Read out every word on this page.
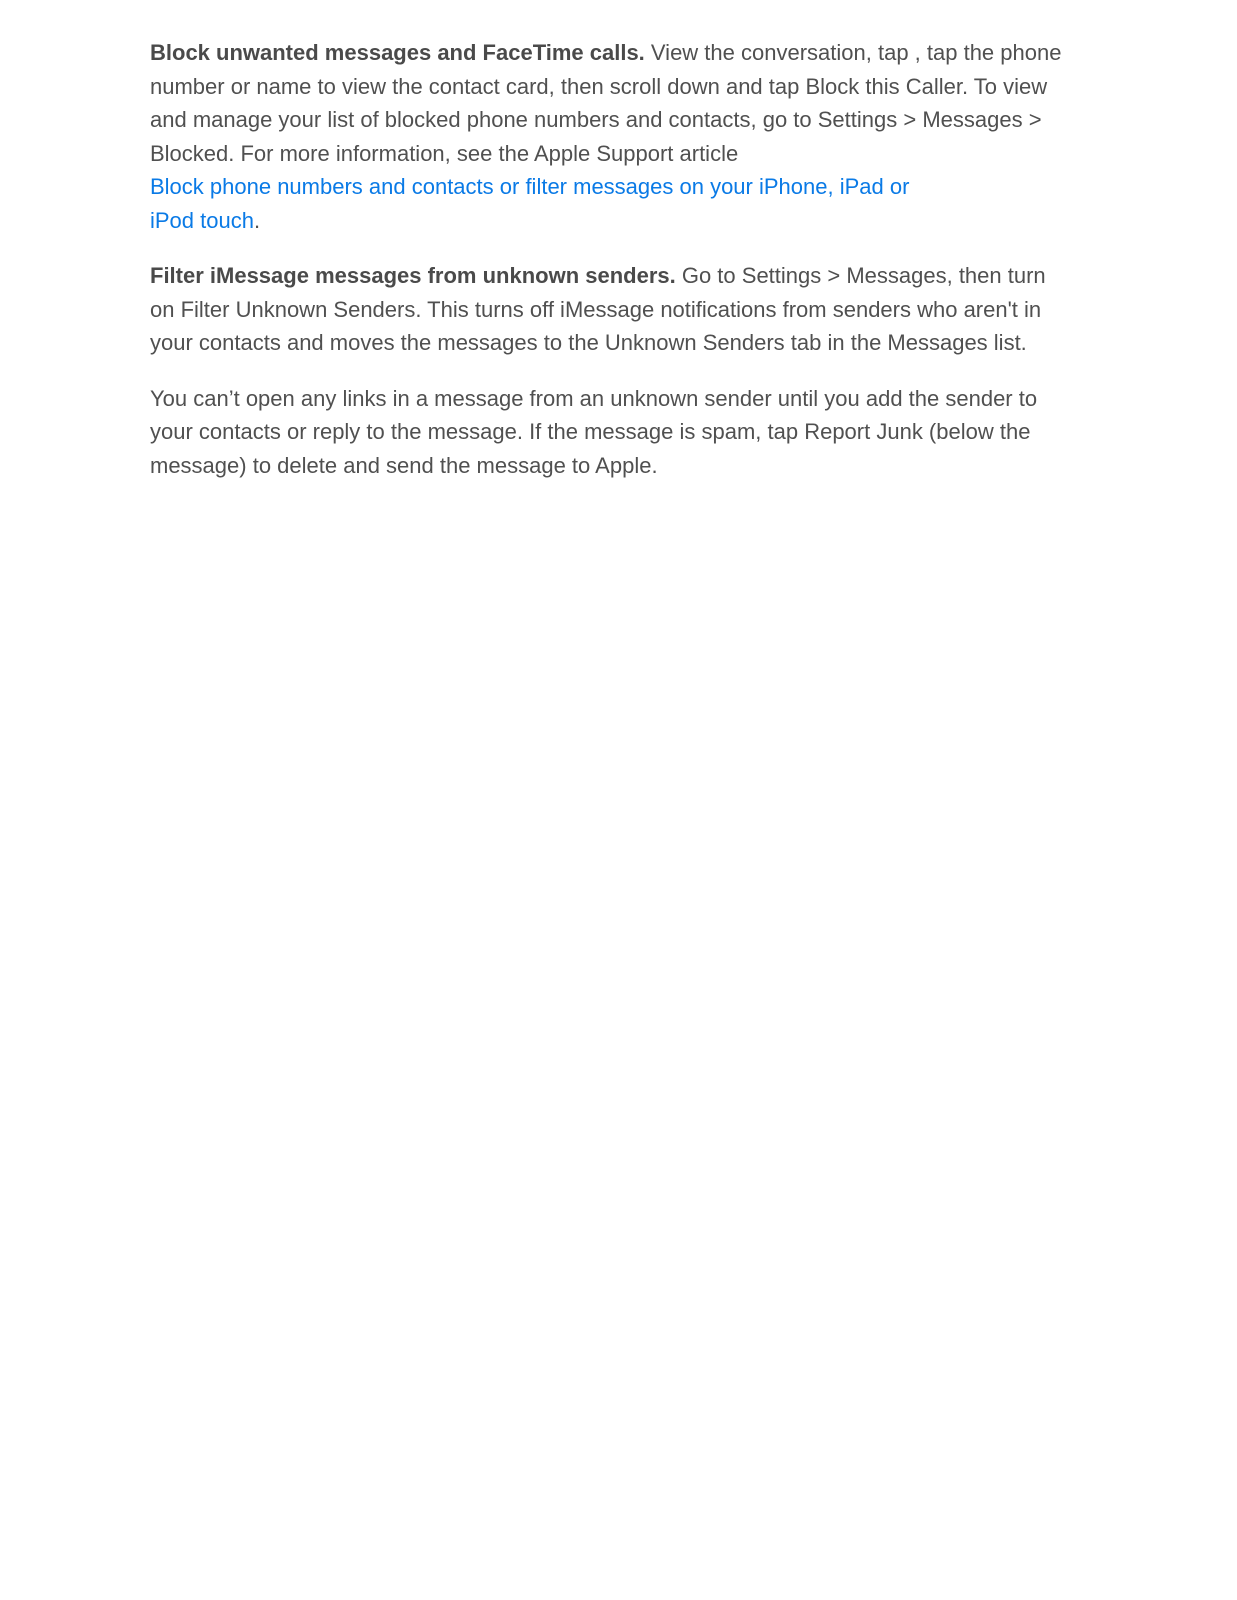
Block unwanted messages and FaceTime calls. View the conversation, tap , tap the phone number or name to view the contact card, then scroll down and tap Block this Caller. To view and manage your list of blocked phone numbers and contacts, go to Settings > Messages > Blocked. For more information, see the Apple Support article
Block phone numbers and contacts or filter messages on your iPhone, iPad or
iPod touch.

Filter iMessage messages from unknown senders. Go to Settings > Messages, then turn on Filter Unknown Senders. This turns off iMessage notifications from senders who aren't in your contacts and moves the messages to the Unknown Senders tab in the Messages list.

You can’t open any links in a message from an unknown sender until you add the sender to your contacts or reply to the message. If the message is spam, tap Report Junk (below the message) to delete and send the message to Apple.
